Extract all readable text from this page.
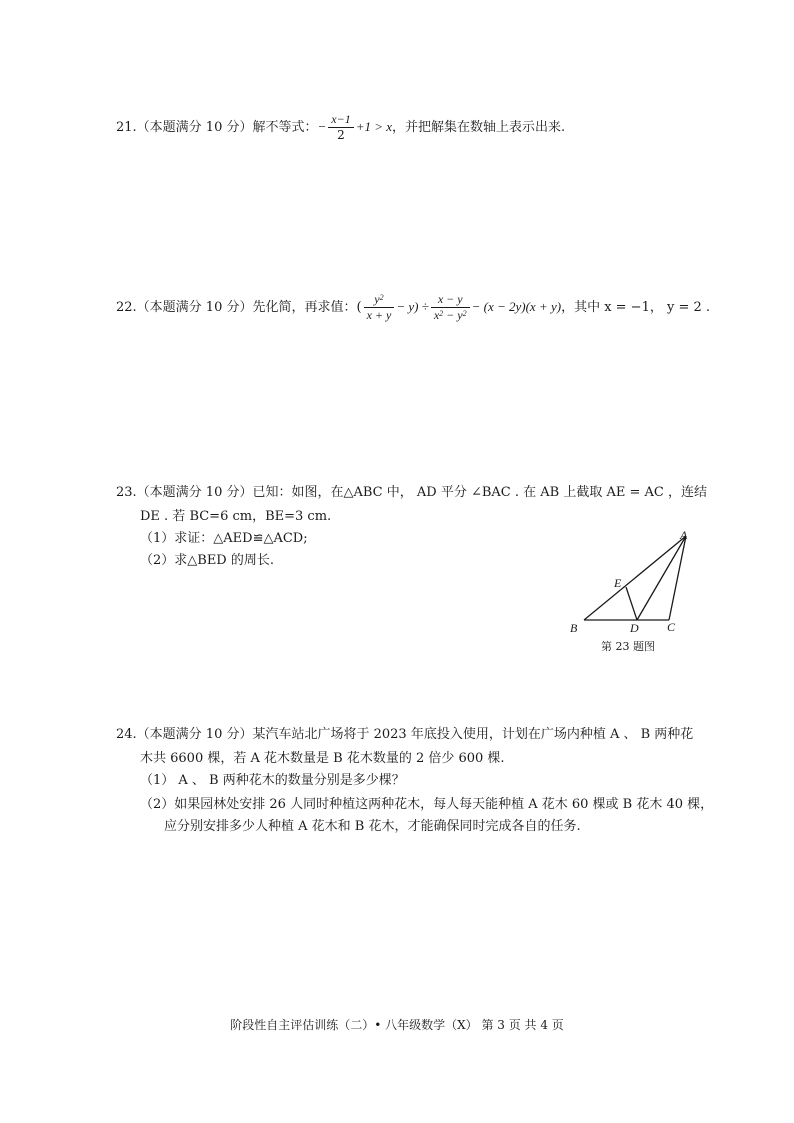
21.（本题满分 10 分）解不等式：− $\frac{x-1}{2} +1 > x$，并把解集在数轴上表示出来.
22.（本题满分 10 分）先化简，再求值：( $\frac{y^2}{x + y} - y) \div \frac{x - y}{x^2 - y^2} - (x - 2y)(x + y)$，其中 x = −1， y = 2 .
23.（本题满分 10 分）已知：如图，在△ABC 中， AD 平分 ∠BAC . 在 AB 上截取 AE = AC ，连结
DE . 若 BC=6 cm，BE=3 cm.
（1）求证：△AED≌△ACD;
（2）求△BED 的周长.
A
B	C
D
E
第 23 题图
24.（本题满分 10 分）某汽车站北广场将于 2023 年底投入使用，计划在广场内种植 A 、 B 两种花
木共 6600 棵，若 A 花木数量是 B 花木数量的 2 倍少 600 棵.
（1） A 、 B 两种花木的数量分别是多少棵？
（2）如果园林处安排 26 人同时种植这两种花木，每人每天能种植 A 花木 60 棵或 B 花木 40 棵，
应分别安排多少人种植 A 花木和 B 花木，才能确保同时完成各自的任务.
阶段性自主评估训练（二）• 八年级数学（X） 第 3 页 共 4 页
